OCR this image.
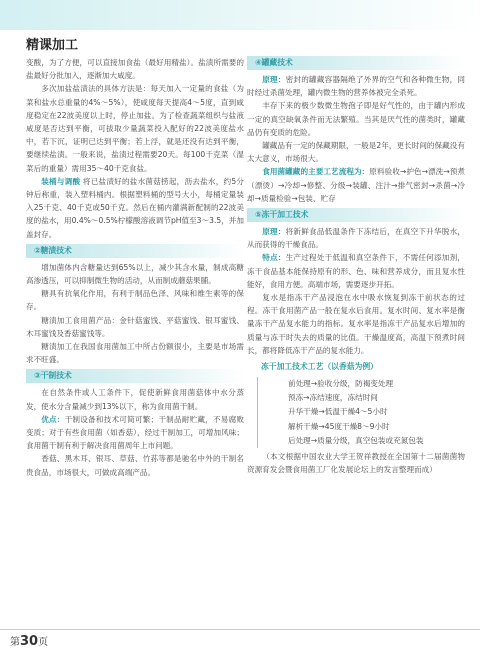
精课加工

变酸，为了方便，可以直接加食盐（最好用精盐）。盐渍所需要的盐最好分批加入，逐渐加大咸度。

多次加盐盐渍法的具体方法是：每天加入一定量的食盐（为菜和盐水总重量的4%～5%），使咸度每天提高4～5度，直到咸度稳定在22波美度以上时，停止加盐。为了检查蔬菜组织与盐液咸度是否达到平衡，可拔取少量蔬菜投入配好的22波美度盐水中，若下沉，证明已达到平衡；若上浮，就是还没有达到平衡，要继续盐渍。一般来说，盐渍过程需要20天。每100千克菜（湿菜后的重量）需用35～40千克食盐。

装桶与调酸 将已盐渍好的盐水菌菇捞起，沥去盐水，约5分钟后称重，装入塑料桶内。根据塑料桶的型号大小，每桶定量装入25千克、40千克或50千克。然后在桶内灌满新配制的22波美度的盐水，用0.4%～0.5%柠檬酸溶液调节pH值至3～3.5，并加盖封存。

②糖渍技术

增加菌体内含糖量达到65%以上，减少其含水量，制成高糖高渗透压，可以抑制微生物的活动，从而制成蘑菇果脯。

糖具有抗氧化作用，有利于制品色泽、风味和维生素等的保存。

糖渍加工食用菌产品：金针菇蜜饯、平菇蜜饯、银耳蜜饯、木耳蜜饯及香菇蜜饯等。

糖渍加工在我国食用菌加工中所占份额很小，主要是市场需求不旺盛。

③干制技术

在自然条件或人工条件下，促使新鲜食用菌菇体中水分蒸发，使水分含量减少到13%以下，称为食用菌干制。

优点：干制设备和技术可简可繁；干制品耐贮藏，不易腐败变质；对于有些食用菌（如香菇），经过干制加工，可增加风味；食用菌干制有利于解决食用菌周年上市问题。

香菇、黑木耳、银耳、草菇、竹荪等都是驰名中外的干制名贵食品，市场很大，可做成高端产品。

④罐藏技术

原理：密封的罐藏容器隔绝了外界的空气和各种微生物，同时经过杀菌处理，罐内微生物的营养体被完全杀死。

丰存下来的极少数微生物孢子即是好气性的，由于罐内形成一定的真空缺氧条件而无法繁殖。当其是厌气性的菌类时，罐藏品仍有变质的危险。

罐藏品有一定的保藏期限，一般是2年，更长时间的保藏没有太大意义，市场很大。

食用菌罐藏的主要工艺流程为：原料验收→护色→漂洗→预煮（漂烫）→冷却→修整、分级→装罐、注汁→排气密封→杀菌→冷却→质量检验→包装、贮存

⑤冻干加工技术

原理：将新鲜食品低温条件下冻结后，在真空下升华脱水，从而获得的干燥食品。

特点：生产过程处于低温和真空条件下，不需任何添加剂，冻干食品基本能保持原有的形、色、味和营养成分，而且复水性能好，食用方便。高端市场，需要逐步开拓。

复水是指冻干产品浸泡在水中吸水恢复到冻干前状态的过程。冻干食用菌产品一般在复水后食用。复水时间、复水率是衡量冻干产品复水能力的指标。复水率是指冻干产品复水后增加的质量与冻干时失去的质量的比值。干燥温度高，高温下预煮时间长，都将降低冻干产品的复水能力。

冻干加工技术工艺（以香菇为例）
前处理→验收分级，防褐变处理
预冻→冻结速度，冻结时间
升华干燥→低温干燥4～5小时
解析干燥→45度干燥8～9小时
后处理→质量分级，真空包装或充氮包装

（本文根据中国农业大学王贺祥教授在全国第十二届菌菌物资源育发会暨食用菌工厂化发展论坛上的发言整理而成）

第30页
